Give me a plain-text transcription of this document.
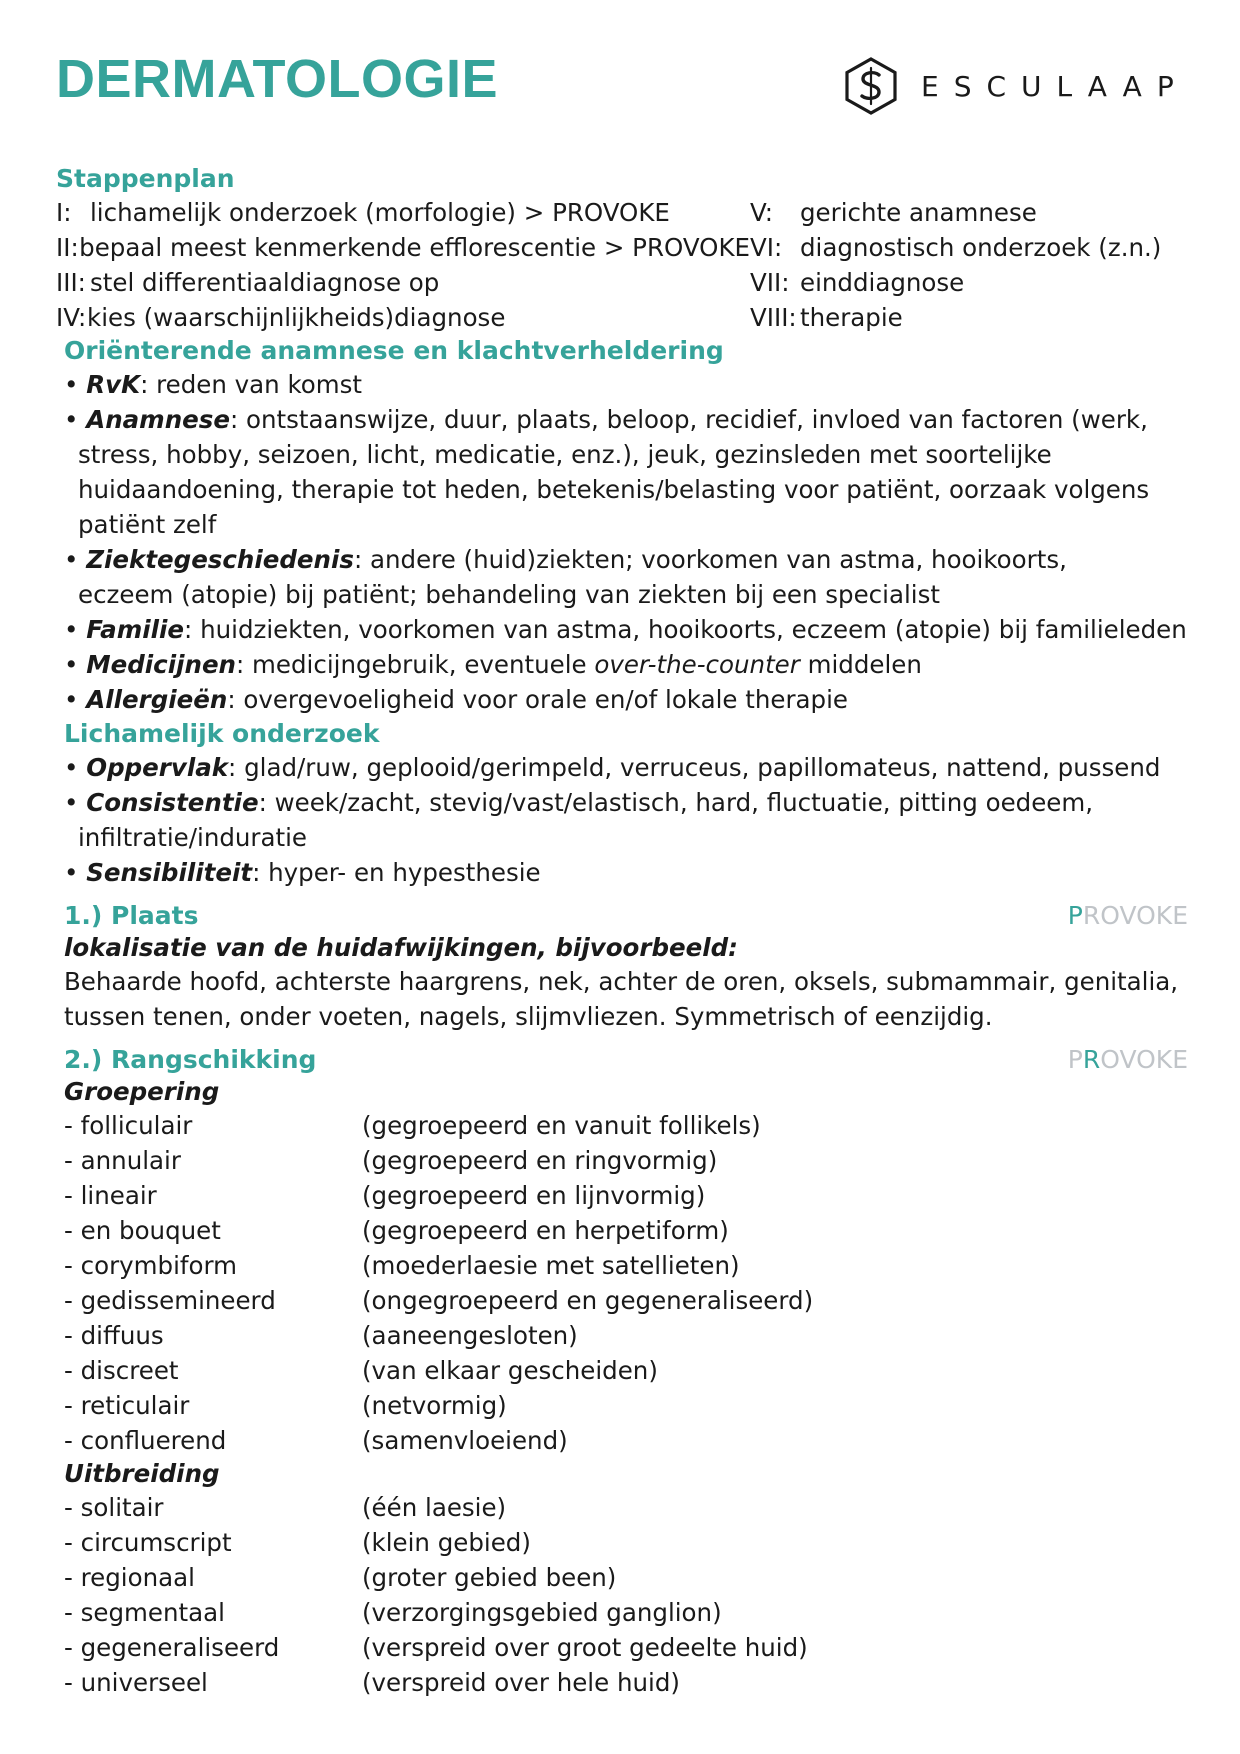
DERMATOLOGIE	ESCULAAP
Stappenplan
I: lichamelijk onderzoek (morfologie) > PROVOKE
II: bepaal meest kenmerkende efflorescentie > PROVOKE
III: stel differentiaaldiagnose op
IV: kies (waarschijnlijkheids)diagnose
V:	gerichte anamnese
VI: diagnostisch onderzoek (z.n.)
VII: einddiagnose
VIII: therapie
Oriënterende anamnese en klachtverheldering
• RvK: reden van komst
• Anamnese: ontstaanswijze, duur, plaats, beloop, recidief, invloed van factoren (werk,
stress, hobby, seizoen, licht, medicatie, enz.), jeuk, gezinsleden met soortelijke
huidaandoening, therapie tot heden, betekenis/belasting voor patiënt, oorzaak volgens
patiënt zelf
• Ziektegeschiedenis: andere (huid)ziekten; voorkomen van astma, hooikoorts,
eczeem (atopie) bij patiënt; behandeling van ziekten bij een specialist
• Familie: huidziekten, voorkomen van astma, hooikoorts, eczeem (atopie) bij familieleden
• Medicijnen: medicijngebruik, eventuele over-the-counter middelen
• Allergieën: overgevoeligheid voor orale en/of lokale therapie
Lichamelijk onderzoek
• Oppervlak: glad/ruw, geplooid/gerimpeld, verruceus, papillomateus, nattend, pussend
• Consistentie: week/zacht, stevig/vast/elastisch, hard, fluctuatie, pitting oedeem,
infiltratie/induratie
• Sensibiliteit: hyper- en hypesthesie
1.) Plaats	PROVOKE
lokalisatie van de huidafwijkingen, bijvoorbeeld:
Behaarde hoofd, achterste haargrens, nek, achter de oren, oksels, submammair, genitalia,
tussen tenen, onder voeten, nagels, slijmvliezen. Symmetrisch of eenzijdig.
2.) Rangschikking	PROVOKE
Groepering
- folliculair	(gegroepeerd en vanuit follikels)
- annulair	(gegroepeerd en ringvormig)
- lineair	(gegroepeerd en lijnvormig)
- en bouquet	(gegroepeerd en herpetiform)
- corymbiform	(moederlaesie met satellieten)
- gedissemineerd	(ongegroepeerd en gegeneraliseerd)
- diffuus	(aaneengesloten)
- discreet	(van elkaar gescheiden)
- reticulair	(netvormig)
- confluerend	(samenvloeiend)
Uitbreiding
- solitair	(één laesie)
- circumscript	(klein gebied)
- regionaal	(groter gebied been)
- segmentaal	(verzorgingsgebied ganglion)
- gegeneraliseerd	(verspreid over groot gedeelte huid)
- universeel	(verspreid over hele huid)
